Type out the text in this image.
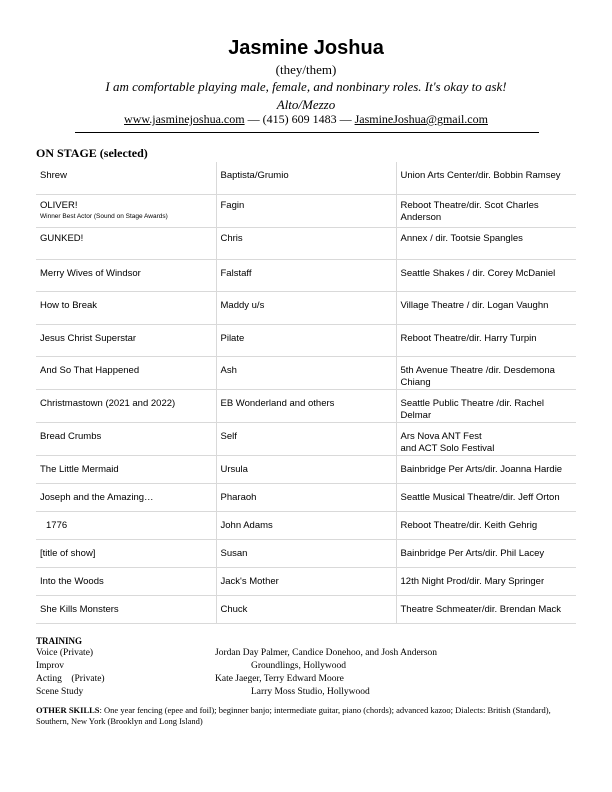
Jasmine Joshua
(they/them)
I am comfortable playing male, female, and nonbinary roles. It's okay to ask!
Alto/Mezzo
www.jasminejoshua.com — (415) 609 1483 — JasmineJoshua@gmail.com
ON STAGE (selected)
Shrew	Baptista/Grumio	Union Arts Center/dir. Bobbin Ramsey
OLIVER!
Winner Best Actor (Sound on Stage Awards)	Fagin	Reboot Theatre/dir. Scot Charles Anderson
GUNKED!	Chris	Annex / dir. Tootsie Spangles
Merry Wives of Windsor	Falstaff	Seattle Shakes / dir. Corey McDaniel
How to Break	Maddy u/s	Village Theatre / dir. Logan Vaughn
Jesus Christ Superstar	Pilate	Reboot Theatre/dir. Harry Turpin
And So That Happened	Ash	5th Avenue Theatre /dir. Desdemona Chiang
Christmastown (2021 and 2022)	EB Wonderland and others	Seattle Public Theatre /dir. Rachel Delmar
Bread Crumbs	Self	Ars Nova ANT Fest
and ACT Solo Festival
The Little Mermaid	Ursula	Bainbridge Per Arts/dir. Joanna Hardie
Joseph and the Amazing…	Pharaoh	Seattle Musical Theatre/dir. Jeff Orton
1776	John Adams	Reboot Theatre/dir. Keith Gehrig
[title of show]	Susan	Bainbridge Per Arts/dir. Phil Lacey
Into the Woods	Jack's Mother	12th Night Prod/dir. Mary Springer
She Kills Monsters	Chuck	Theatre Schmeater/dir. Brendan Mack
TRAINING
Voice (Private)	Jordan Day Palmer, Candice Donehoo, and Josh Anderson
Improv	Groundlings, Hollywood
Acting    (Private)	Kate Jaeger, Terry Edward Moore
Scene Study	Larry Moss Studio, Hollywood
OTHER SKILLS: One year fencing (epee and foil); beginner banjo; intermediate guitar, piano (chords); advanced kazoo; Dialects: British (Standard), Southern, New York (Brooklyn and Long Island)
